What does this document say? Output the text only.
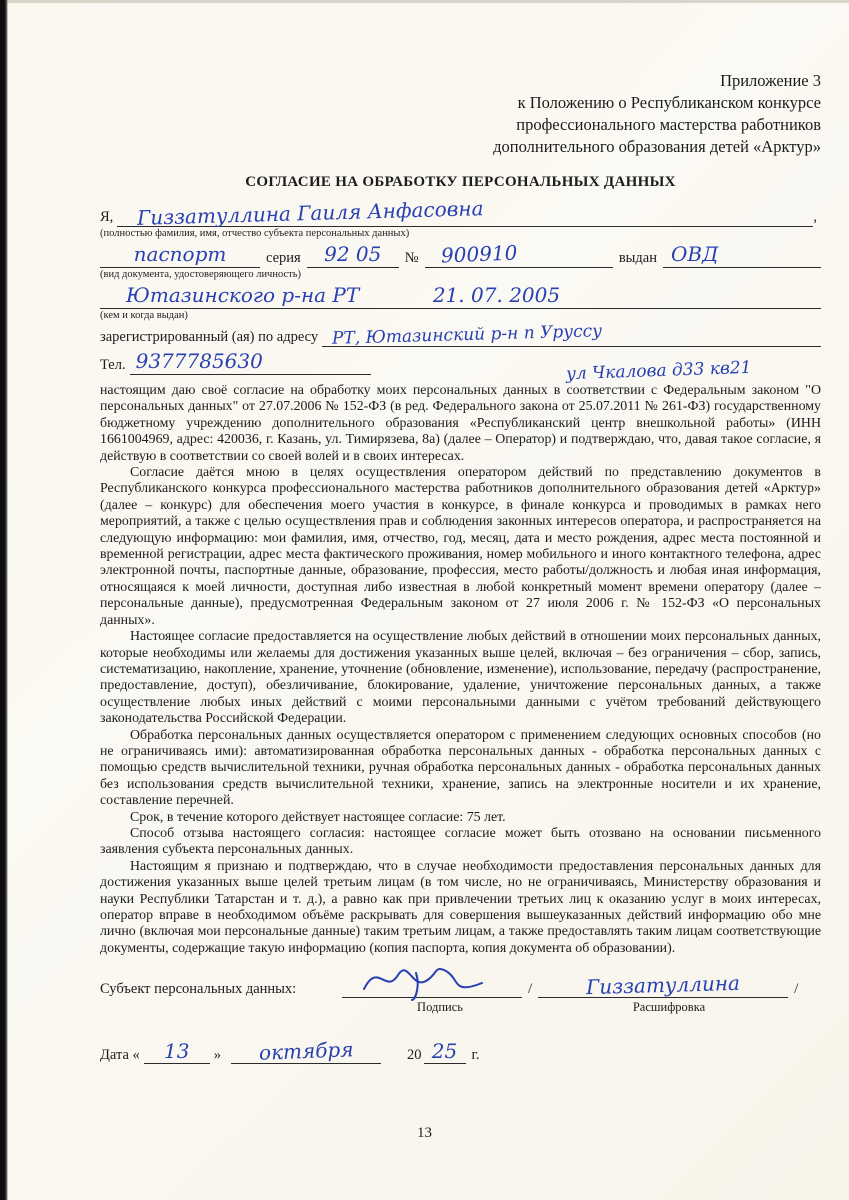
Приложение 3
к Положению о Республиканском конкурсе
профессионального мастерства работников
дополнительного образования детей «Арктур»
СОГЛАСИЕ НА ОБРАБОТКУ ПЕРСОНАЛЬНЫХ ДАННЫХ
Я,	Гиззатуллина Гаиля Анфасовна	,
(полностью фамилия, имя, отчество субъекта персональных данных)
паспорт	серия	92 05	№	900910	выдан ОВД
(вид документа, удостоверяющего личность)
Ютазинского р-на РТ	21. 07. 2005
(кем и когда выдан)
зарегистрированный (ая) по адресу РТ, Ютазинский р-н п Уруссу
Тел. 9377785630	ул Чкалова д33 кв21

настоящим даю своё согласие на обработку моих персональных данных в соответствии с Федеральным законом "О персональных данных" от 27.07.2006 № 152-ФЗ (в ред. Федерального закона от 25.07.2011 № 261-ФЗ) государственному бюджетному учреждению дополнительного образования «Республиканский центр внешкольной работы» (ИНН 1661004969, адрес: 420036, г. Казань, ул. Тимирязева, 8а) (далее – Оператор) и подтверждаю, что, давая такое согласие, я действую в соответствии со своей волей и в своих интересах.

Согласие даётся мною в целях осуществления оператором действий по представлению документов в Республиканского конкурса профессионального мастерства работников дополнительного образования детей «Арктур» (далее – конкурс) для обеспечения моего участия в конкурсе, в финале конкурса и проводимых в рамках него мероприятий, а также с целью осуществления прав и соблюдения законных интересов оператора, и распространяется на следующую информацию: мои фамилия, имя, отчество, год, месяц, дата и место рождения, адрес места постоянной и временной регистрации, адрес места фактического проживания, номер мобильного и иного контактного телефона, адрес электронной почты, паспортные данные, образование, профессия, место работы/должность и любая иная информация, относящаяся к моей личности, доступная либо известная в любой конкретный момент времени оператору (далее – персональные данные), предусмотренная Федеральным законом от 27 июля 2006 г. № 152-ФЗ «О персональных данных».

Настоящее согласие предоставляется на осуществление любых действий в отношении моих персональных данных, которые необходимы или желаемы для достижения указанных выше целей, включая – без ограничения – сбор, запись, систематизацию, накопление, хранение, уточнение (обновление, изменение), использование, передачу (распространение, предоставление, доступ), обезличивание, блокирование, удаление, уничтожение персональных данных, а также осуществление любых иных действий с моими персональными данными с учётом требований действующего законодательства Российской Федерации.

Обработка персональных данных осуществляется оператором с применением следующих основных способов (но не ограничиваясь ими): автоматизированная обработка персональных данных - обработка персональных данных с помощью средств вычислительной техники, ручная обработка персональных данных - обработка персональных данных без использования средств вычислительной техники, хранение, запись на электронные носители и их хранение, составление перечней.

Срок, в течение которого действует настоящее согласие: 75 лет.

Способ отзыва настоящего согласия: настоящее согласие может быть отозвано на основании письменного заявления субъекта персональных данных.

Настоящим я признаю и подтверждаю, что в случае необходимости предоставления персональных данных для достижения указанных выше целей третьим лицам (в том числе, но не ограничиваясь, Министерству образования и науки Республики Татарстан и т. д.), а равно как при привлечении третьих лиц к оказанию услуг в моих интересах, оператор вправе в необходимом объёме раскрывать для совершения вышеуказанных действий информацию обо мне лично (включая мои персональные данные) таким третьим лицам, а также предоставлять таким лицам соответствующие документы, содержащие такую информацию (копия паспорта, копия документа об образовании).

Субъект персональных данных:	/	Гиззатуллина	/
Подпись	Расшифровка
Дата «	13	»	октября	20 25 г.
13
